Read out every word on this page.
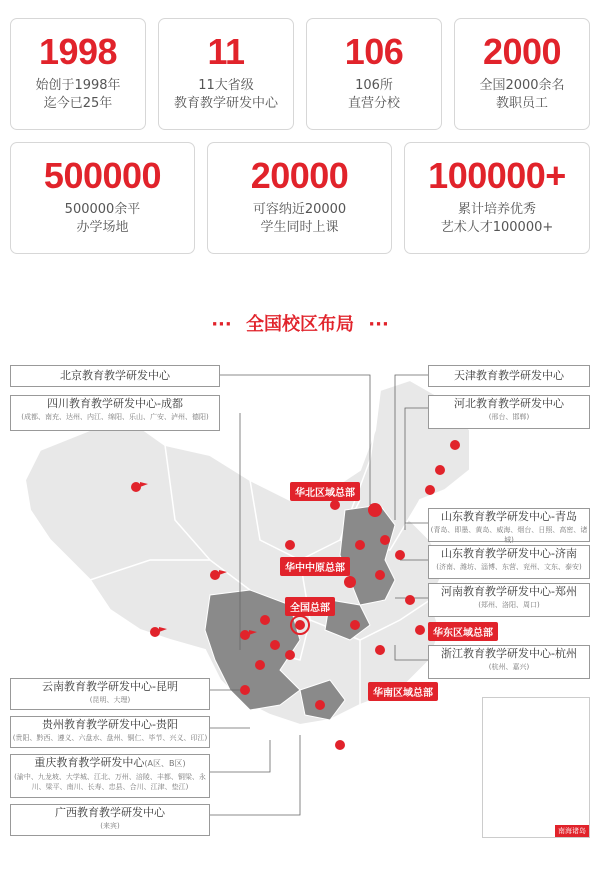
1998
始创于1998年
迄今已25年
11
11大省级
教育教学研发中心
106
106所
直营分校
2000
全国2000余名
教职员工
500000
500000余平
办学场地
20000
可容纳近20000
学生同时上课
100000+
累计培养优秀
艺术人才100000+
··· 全国校区布局 ···
北京教育教学研发中心
四川教育教学研发中心-成都
(成都、南充、达州、内江、绵阳、乐山、广安、泸州、德阳)
云南教育教学研发中心-昆明
(昆明、大理)
贵州教育教学研发中心-贵阳
(贵阳、黔西、遵义、六盘水、盘州、铜仁、毕节、兴义、印江)
重庆教育教学研发中心(A区、B区)
(渝中、九龙坡、大学城、江北、万州、涪陵、丰都、铜梁、永川、梁平、南川、长寿、忠县、合川、江津、垫江)
广西教育教学研发中心
(来宾)
天津教育教学研发中心
河北教育教学研发中心
(邢台、邯郸)
山东教育教学研发中心-青岛
(青岛、即墨、黄岛、威海、烟台、日照、高密、诸城)
山东教育教学研发中心-济南
(济南、潍坊、淄博、东营、兖州、文东、泰安)
河南教育教学研发中心-郑州
(郑州、洛阳、周口)
浙江教育教学研发中心-杭州
(杭州、嘉兴)
华北区域总部
华中中原总部
全国总部
华东区域总部
华南区域总部
南海诸岛
